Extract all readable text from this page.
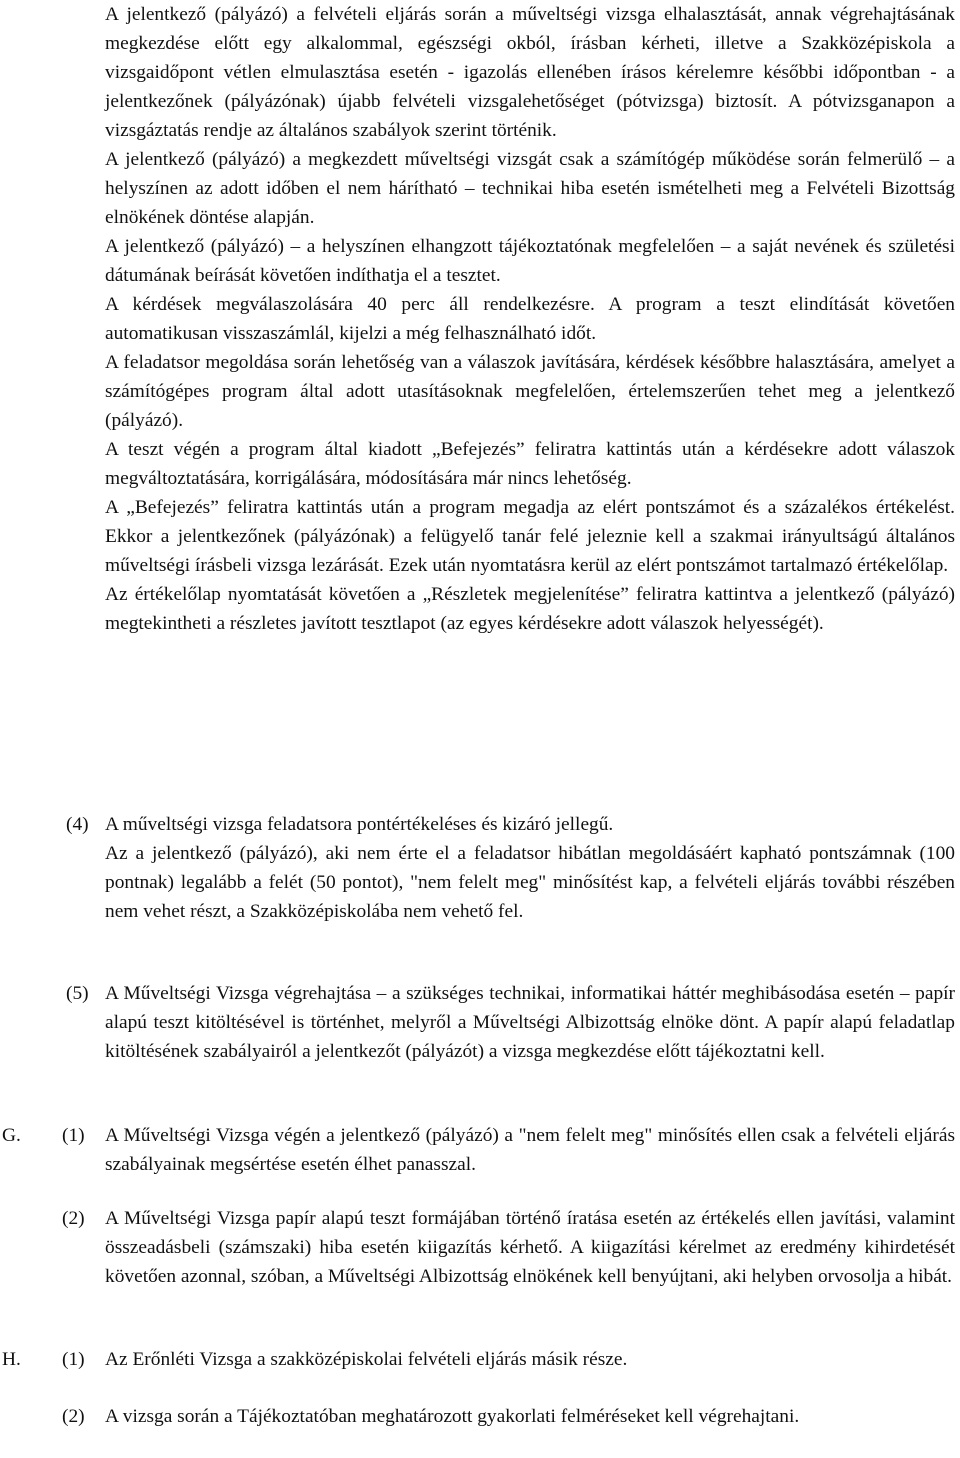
A jelentkező (pályázó) a felvételi eljárás során a műveltségi vizsga elhalasztását, annak végrehajtásának megkezdése előtt egy alkalommal, egészségi okból, írásban kérheti, illetve a Szakközépiskola a vizsgaidőpont vétlen elmulasztása esetén - igazolás ellenében írásos kérelemre későbbi időpontban - a jelentkezőnek (pályázónak) újabb felvételi vizsgalehetőséget (pótvizsga) biztosít. A pótvizsganapon a vizsgáztatás rendje az általános szabályok szerint történik.

A jelentkező (pályázó) a megkezdett műveltségi vizsgát csak a számítógép működése során felmerülő – a helyszínen az adott időben el nem hárítható – technikai hiba esetén ismételheti meg a Felvételi Bizottság elnökének döntése alapján.

A jelentkező (pályázó) – a helyszínen elhangzott tájékoztatónak megfelelően – a saját nevének és születési dátumának beírását követően indíthatja el a tesztet.

A kérdések megválaszolására 40 perc áll rendelkezésre. A program a teszt elindítását követően automatikusan visszaszámlál, kijelzi a még felhasználható időt.

A feladatsor megoldása során lehetőség van a válaszok javítására, kérdések későbbre halasztására, amelyet a számítógépes program által adott utasításoknak megfelelően, értelemszerűen tehet meg a jelentkező (pályázó).

A teszt végén a program által kiadott „Befejezés” feliratra kattintás után a kérdésekre adott válaszok megváltoztatására, korrigálására, módosítására már nincs lehetőség.

A „Befejezés” feliratra kattintás után a program megadja az elért pontszámot és a százalékos értékelést. Ekkor a jelentkezőnek (pályázónak) a felügyelő tanár felé jeleznie kell a szakmai irányultságú általános műveltségi írásbeli vizsga lezárását. Ezek után nyomtatásra kerül az elért pontszámot tartalmazó értékelőlap.

Az értékelőlap nyomtatását követően a „Részletek megjelenítése” feliratra kattintva a jelentkező (pályázó) megtekintheti a részletes javított tesztlapot (az egyes kérdésekre adott válaszok helyességét).

(4) A műveltségi vizsga feladatsora pontértékeléses és kizáró jellegű.

Az a jelentkező (pályázó), aki nem érte el a feladatsor hibátlan megoldásáért kapható pontszámnak (100 pontnak) legalább a felét (50 pontot), "nem felelt meg" minősítést kap, a felvételi eljárás további részében nem vehet részt, a Szakközépiskolába nem vehető fel.

(5) A Műveltségi Vizsga végrehajtása – a szükséges technikai, informatikai háttér meghibásodása esetén – papír alapú teszt kitöltésével is történhet, melyről a Műveltségi Albizottság elnöke dönt. A papír alapú feladatlap kitöltésének szabályairól a jelentkezőt (pályázót) a vizsga megkezdése előtt tájékoztatni kell.

G. (1) A Műveltségi Vizsga végén a jelentkező (pályázó) a "nem felelt meg" minősítés ellen csak a felvételi eljárás szabályainak megsértése esetén élhet panasszal.

(2) A Műveltségi Vizsga papír alapú teszt formájában történő íratása esetén az értékelés ellen javítási, valamint összeadásbeli (számszaki) hiba esetén kiigazítás kérhető. A kiigazítási kérelmet az eredmény kihirdetését követően azonnal, szóban, a Műveltségi Albizottság elnökének kell benyújtani, aki helyben orvosolja a hibát.

H. (1) Az Erőnléti Vizsga a szakközépiskolai felvételi eljárás másik része.

(2) A vizsga során a Tájékoztatóban meghatározott gyakorlati felméréseket kell végrehajtani.
